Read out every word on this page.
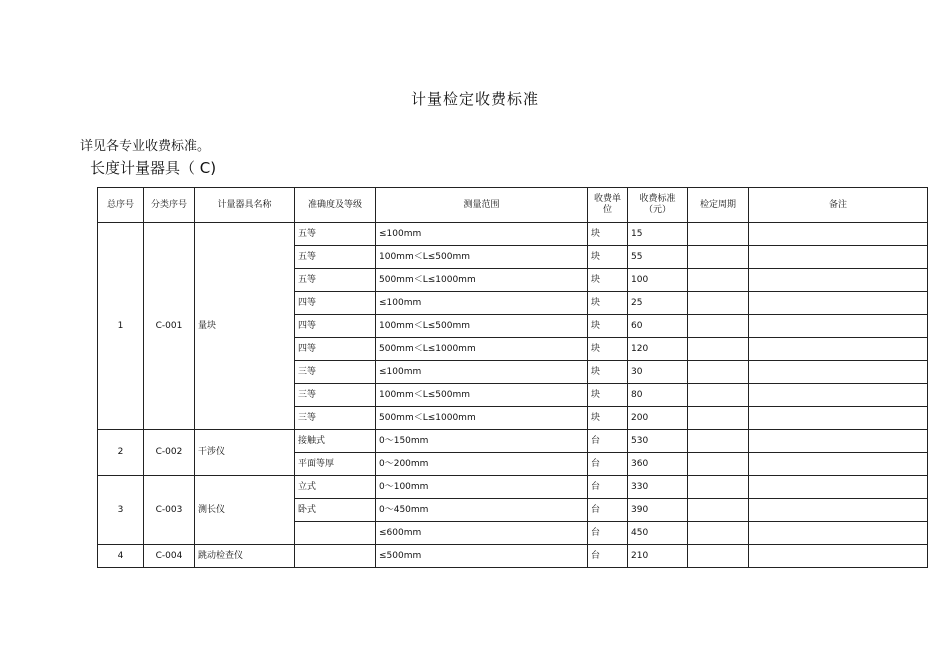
计量检定收费标准
详见各专业收费标准。
长度计量器具（ C)
总序号	分类序号	计量器具名称	准确度及等级	测量范围	收费单位	收费标准（元）	检定周期	备注
1	C-001	量块	五等	≤100mm	块	15		
			五等	100mm＜L≤500mm	块	55		
			五等	500mm＜L≤1000mm	块	100		
			四等	≤100mm	块	25		
			四等	100mm＜L≤500mm	块	60		
			四等	500mm＜L≤1000mm	块	120		
			三等	≤100mm	块	30		
			三等	100mm＜L≤500mm	块	80		
			三等	500mm＜L≤1000mm	块	200		
2	C-002	干涉仪	接触式	0～150mm	台	530		
			平面等厚	0～200mm	台	360		
3	C-003	测长仪	立式	0～100mm	台	330		
			卧式	0～450mm	台	390		
				≤600mm	台	450		
4	C-004	跳动检查仪		≤500mm	台	210		
